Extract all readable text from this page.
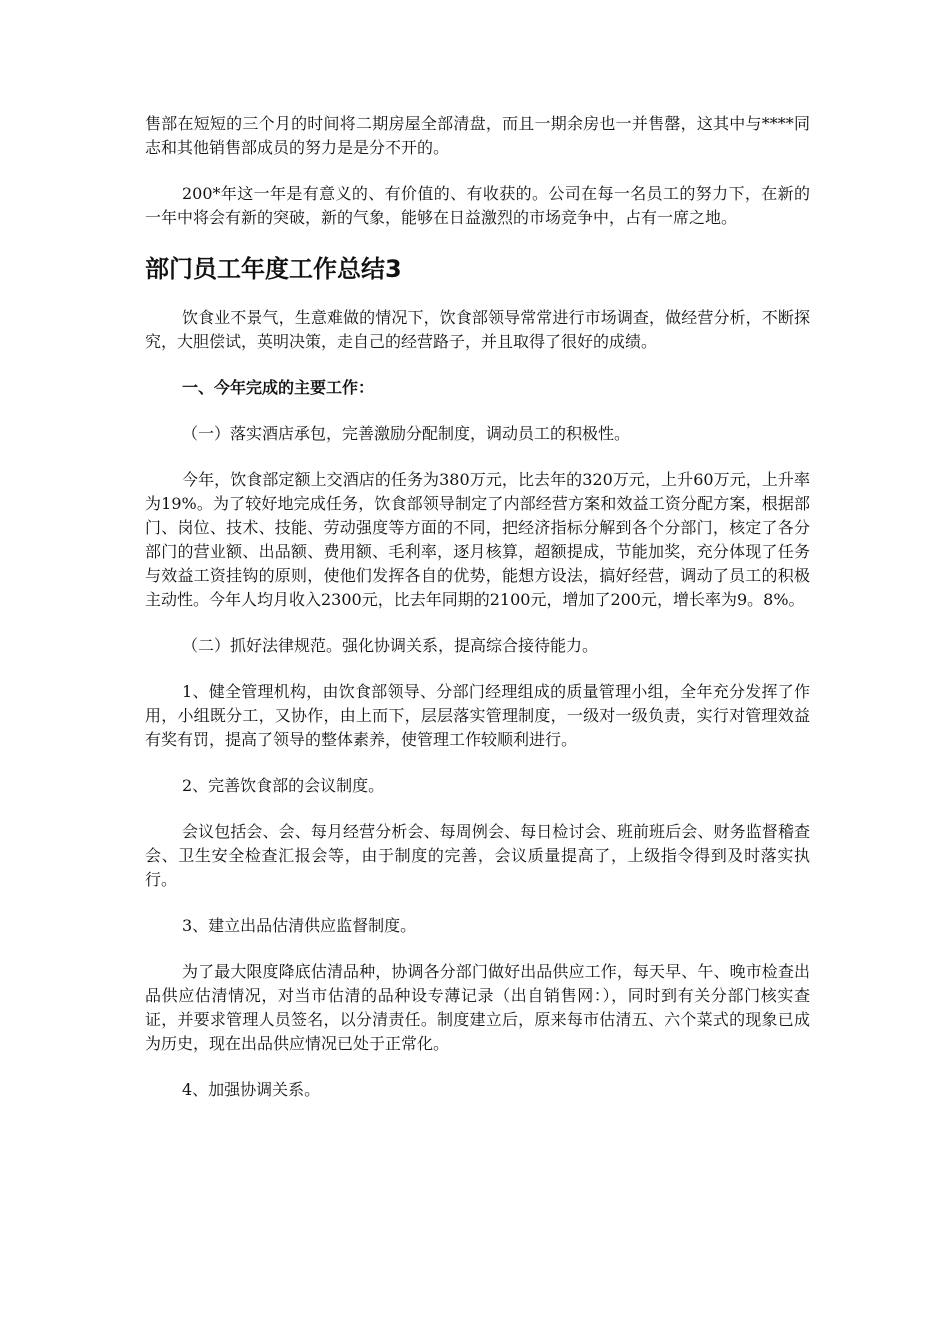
售部在短短的三个月的时间将二期房屋全部清盘，而且一期余房也一并售罄，这其中与****同志和其他销售部成员的努力是是分不开的。

200*年这一年是有意义的、有价值的、有收获的。公司在每一名员工的努力下，在新的一年中将会有新的突破，新的气象，能够在日益激烈的市场竞争中，占有一席之地。

部门员工年度工作总结3

饮食业不景气，生意难做的情况下，饮食部领导常常进行市场调查，做经营分析，不断探究，大胆偿试，英明决策，走自己的经营路子，并且取得了很好的成绩。

一、今年完成的主要工作：

（一）落实酒店承包，完善激励分配制度，调动员工的积极性。

今年，饮食部定额上交酒店的任务为380万元，比去年的320万元，上升60万元，上升率为19%。为了较好地完成任务，饮食部领导制定了内部经营方案和效益工资分配方案，根据部门、岗位、技术、技能、劳动强度等方面的不同，把经济指标分解到各个分部门，核定了各分部门的营业额、出品额、费用额、毛利率，逐月核算，超额提成，节能加奖，充分体现了任务与效益工资挂钩的原则，使他们发挥各自的优势，能想方设法，搞好经营，调动了员工的积极主动性。今年人均月收入2300元，比去年同期的2100元，增加了200元，增长率为9。8%。

（二）抓好法律规范。强化协调关系，提高综合接待能力。

1、健全管理机构，由饮食部领导、分部门经理组成的质量管理小组，全年充分发挥了作用，小组既分工，又协作，由上而下，层层落实管理制度，一级对一级负责，实行对管理效益有奖有罚，提高了领导的整体素养，使管理工作较顺利进行。

2、完善饮食部的会议制度。

会议包括会、会、每月经营分析会、每周例会、每日检讨会、班前班后会、财务监督稽查会、卫生安全检查汇报会等，由于制度的完善，会议质量提高了，上级指令得到及时落实执行。

3、建立出品估清供应监督制度。

为了最大限度降底估清品种，协调各分部门做好出品供应工作，每天早、午、晚市检查出品供应估清情况，对当市估清的品种设专薄记录（出自销售网：），同时到有关分部门核实查证，并要求管理人员签名，以分清责任。制度建立后，原来每市估清五、六个菜式的现象已成为历史，现在出品供应情况已处于正常化。

4、加强协调关系。
